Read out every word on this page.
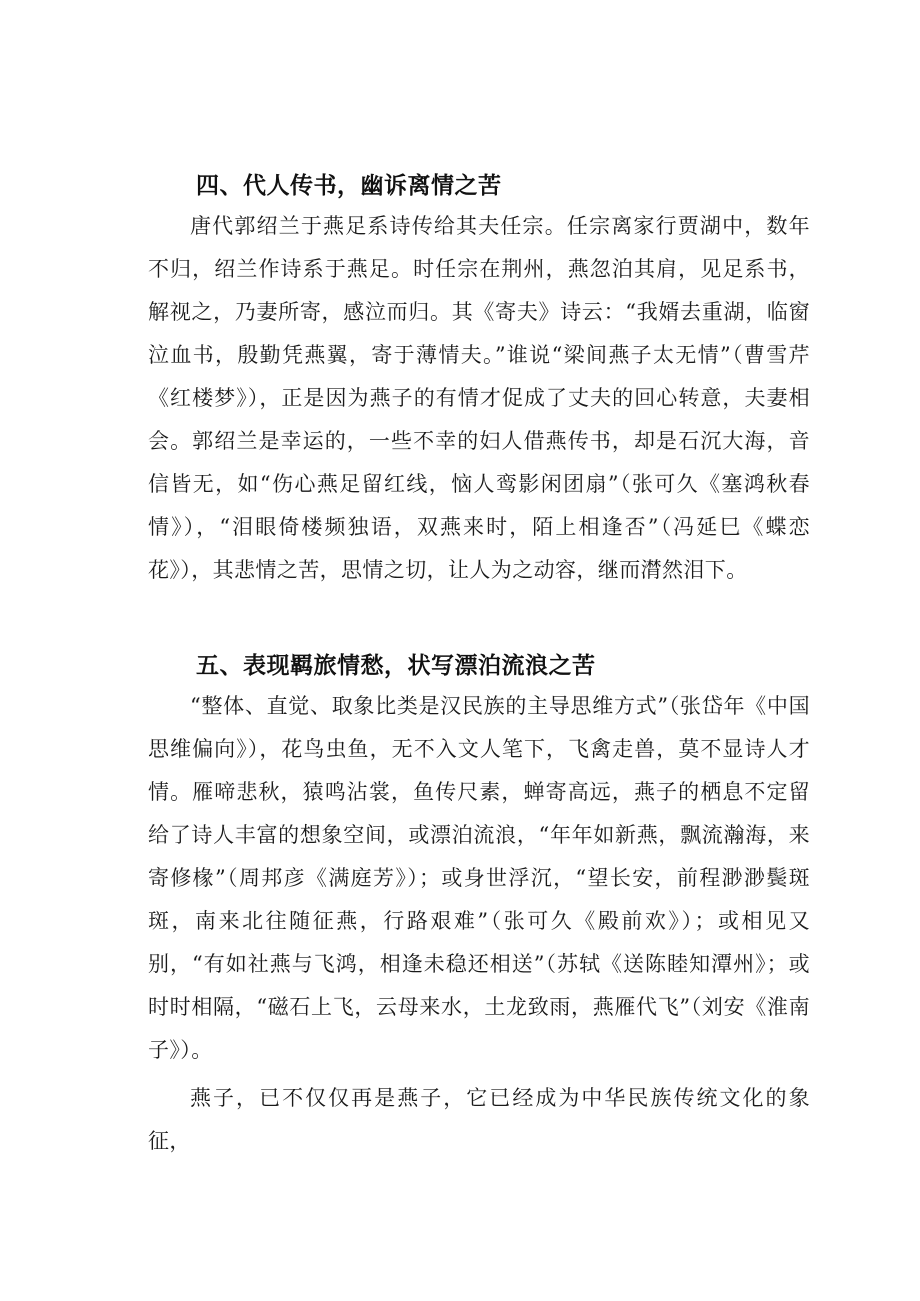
四、代人传书，幽诉离情之苦

唐代郭绍兰于燕足系诗传给其夫任宗。任宗离家行贾湖中，数年不归，绍兰作诗系于燕足。时任宗在荆州，燕忽泊其肩，见足系书，解视之，乃妻所寄，感泣而归。其《寄夫》诗云：“我婿去重湖，临窗泣血书，殷勤凭燕翼，寄于薄情夫。”谁说“梁间燕子太无情”（曹雪芹《红楼梦》），正是因为燕子的有情才促成了丈夫的回心转意，夫妻相会。郭绍兰是幸运的，一些不幸的妇人借燕传书，却是石沉大海，音信皆无，如“伤心燕足留红线，恼人鸾影闲团扇”（张可久《塞鸿秋春情》），“泪眼倚楼频独语，双燕来时，陌上相逢否”（冯延巳《蝶恋花》），其悲情之苦，思情之切，让人为之动容，继而潸然泪下。

五、表现羁旅情愁，状写漂泊流浪之苦

“整体、直觉、取象比类是汉民族的主导思维方式”（张岱年《中国思维偏向》），花鸟虫鱼，无不入文人笔下，飞禽走兽，莫不显诗人才情。雁啼悲秋，猿鸣沾裳，鱼传尺素，蝉寄高远，燕子的栖息不定留给了诗人丰富的想象空间，或漂泊流浪，“年年如新燕，飘流瀚海，来寄修椽”（周邦彦《满庭芳》）；或身世浮沉，“望长安，前程渺渺鬓斑斑，南来北往随征燕，行路艰难”（张可久《殿前欢》）；或相见又别，“有如社燕与飞鸿，相逢未稳还相送”（苏轼《送陈睦知潭州》；或时时相隔，“磁石上飞，云母来水，土龙致雨，燕雁代飞”（刘安《淮南子》）。

燕子，已不仅仅再是燕子，它已经成为中华民族传统文化的象征，
